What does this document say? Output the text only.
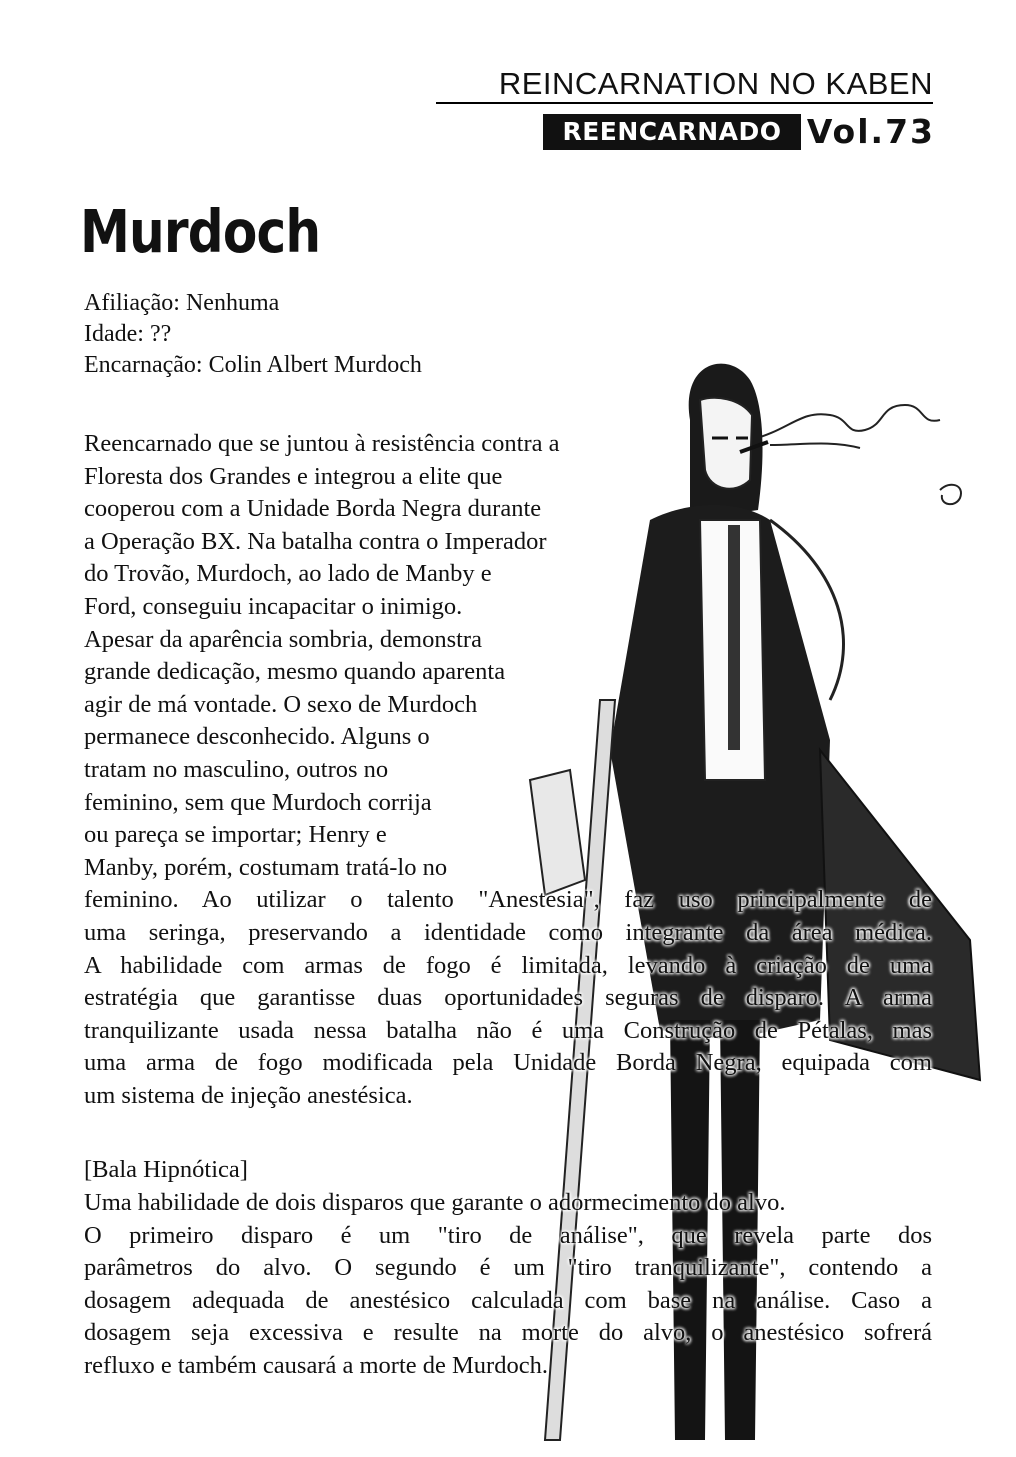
REINCARNATION NO KABEN
REENCARNADO Vol.73
Murdoch
Afiliação: Nenhuma
Idade: ??
Encarnação: Colin Albert Murdoch
Reencarnado que se juntou à resistência contra a
Floresta dos Grandes e integrou a elite que
cooperou com a Unidade Borda Negra durante
a Operação BX. Na batalha contra o Imperador
do Trovão, Murdoch, ao lado de Manby e
Ford, conseguiu incapacitar o inimigo.
Apesar da aparência sombria, demonstra
grande dedicação, mesmo quando aparenta
agir de má vontade. O sexo de Murdoch
permanece desconhecido. Alguns o
tratam no masculino, outros no
feminino, sem que Murdoch corrija
ou pareça se importar; Henry e
Manby, porém, costumam tratá-lo no
feminino. Ao utilizar o talento "Anestesia", faz uso principalmente de
uma seringa, preservando a identidade como integrante da área médica.
A habilidade com armas de fogo é limitada, levando à criação de uma
estratégia que garantisse duas oportunidades seguras de disparo. A arma
tranquilizante usada nessa batalha não é uma Construção de Pétalas, mas
uma arma de fogo modificada pela Unidade Borda Negra, equipada com
um sistema de injeção anestésica.
[Bala Hipnótica]
Uma habilidade de dois disparos que garante o adormecimento do alvo.
O primeiro disparo é um "tiro de análise", que revela parte dos
parâmetros do alvo. O segundo é um "tiro tranquilizante", contendo a
dosagem adequada de anestésico calculada com base na análise. Caso a
dosagem seja excessiva e resulte na morte do alvo, o anestésico sofrerá
refluxo e também causará a morte de Murdoch.
